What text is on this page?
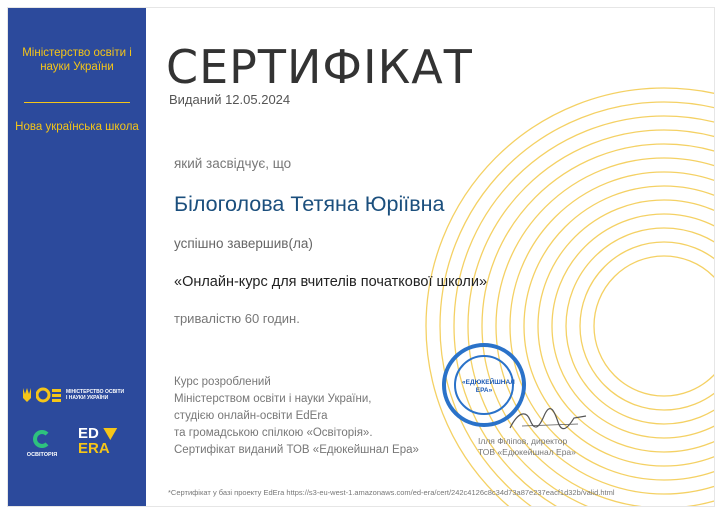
Міністерство освіти і науки України
Нова українська школа
МІНІСТЕРСТВО ОСВІТИ І НАУКИ УКРАЇНИ
ОСВІТОРІЯ
ED
ERA
СЕРТИФІКАТ
Виданий 12.05.2024
який засвідчує, що
Білоголова Тетяна Юріївна
успішно завершив(ла)
«Онлайн-курс для вчителів початкової школи»
тривалістю 60 годин.
Курс розроблений
Міністерством освіти і науки України,
студією онлайн-освіти EdEra
та громадською спілкою «Освіторія».
Сертифікат виданий ТОВ «Едюкейшнал Ера»
«ЕДЮКЕЙШНАЛ ЕРА»
Ілля Філіпов, директор
ТОВ «Едюкейшнал Ера»
*Сертифікат у базі проекту EdEra https://s3-eu-west-1.amazonaws.com/ed-era/cert/242c4126c8c34d73a87e237eacf1d32b/valid.html
